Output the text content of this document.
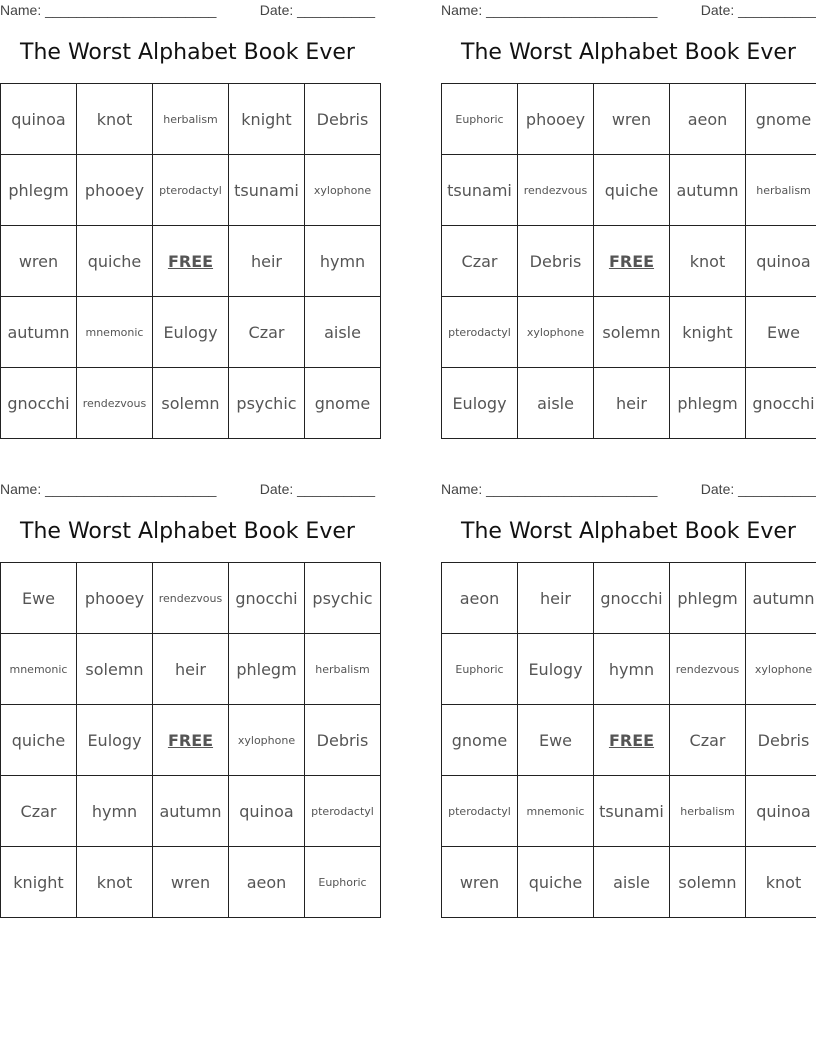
Name: ______________________	Date: __________
The Worst Alphabet Book Ever
quinoa	knot	herbalism	knight	Debris
phlegm	phooey	pterodactyl	tsunami	xylophone
wren	quiche	FREE	heir	hymn
autumn	mnemonic	Eulogy	Czar	aisle
gnocchi	rendezvous	solemn	psychic	gnome
Name: ______________________	Date: __________
The Worst Alphabet Book Ever
Euphoric	phooey	wren	aeon	gnome
tsunami	rendezvous	quiche	autumn	herbalism
Czar	Debris	FREE	knot	quinoa
pterodactyl	xylophone	solemn	knight	Ewe
Eulogy	aisle	heir	phlegm	gnocchi
Name: ______________________	Date: __________
The Worst Alphabet Book Ever
Ewe	phooey	rendezvous	gnocchi	psychic
mnemonic	solemn	heir	phlegm	herbalism
quiche	Eulogy	FREE	xylophone	Debris
Czar	hymn	autumn	quinoa	pterodactyl
knight	knot	wren	aeon	Euphoric
Name: ______________________	Date: __________
The Worst Alphabet Book Ever
aeon	heir	gnocchi	phlegm	autumn
Euphoric	Eulogy	hymn	rendezvous	xylophone
gnome	Ewe	FREE	Czar	Debris
pterodactyl	mnemonic	tsunami	herbalism	quinoa
wren	quiche	aisle	solemn	knot
